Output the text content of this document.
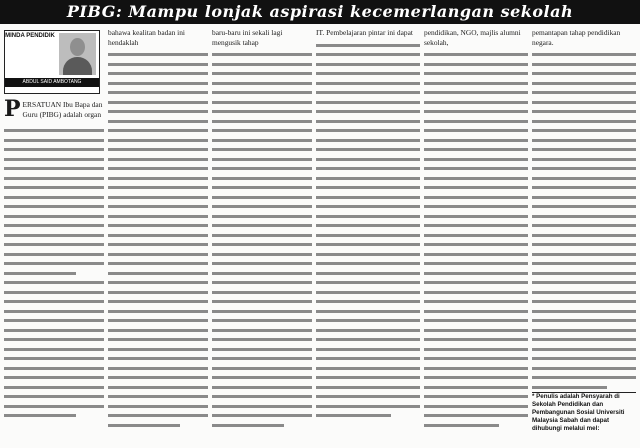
PIBG: Mampu lonjak aspirasi kecemerlangan sekolah
MINDA PENDIDIK
ABDUL SAID AMBOTANG
P ERSATUAN Ibu Bapa dan Guru (PIBG) adalah organ
bahawa kealitan badan ini hendaklah
baru-baru ini sekali lagi mengusik tahap
IT. Pembelajaran pintar ini dapat	pendidikan, NGO, majlis alumni sekolah,
pemantapan tahap pendidikan negara.
* Penulis adalah Pensyarah di Sekolah Pendidikan dan Pembangunan Sosial Universiti Malaysia Sabah dan dapat dihubungi melalui mel:
